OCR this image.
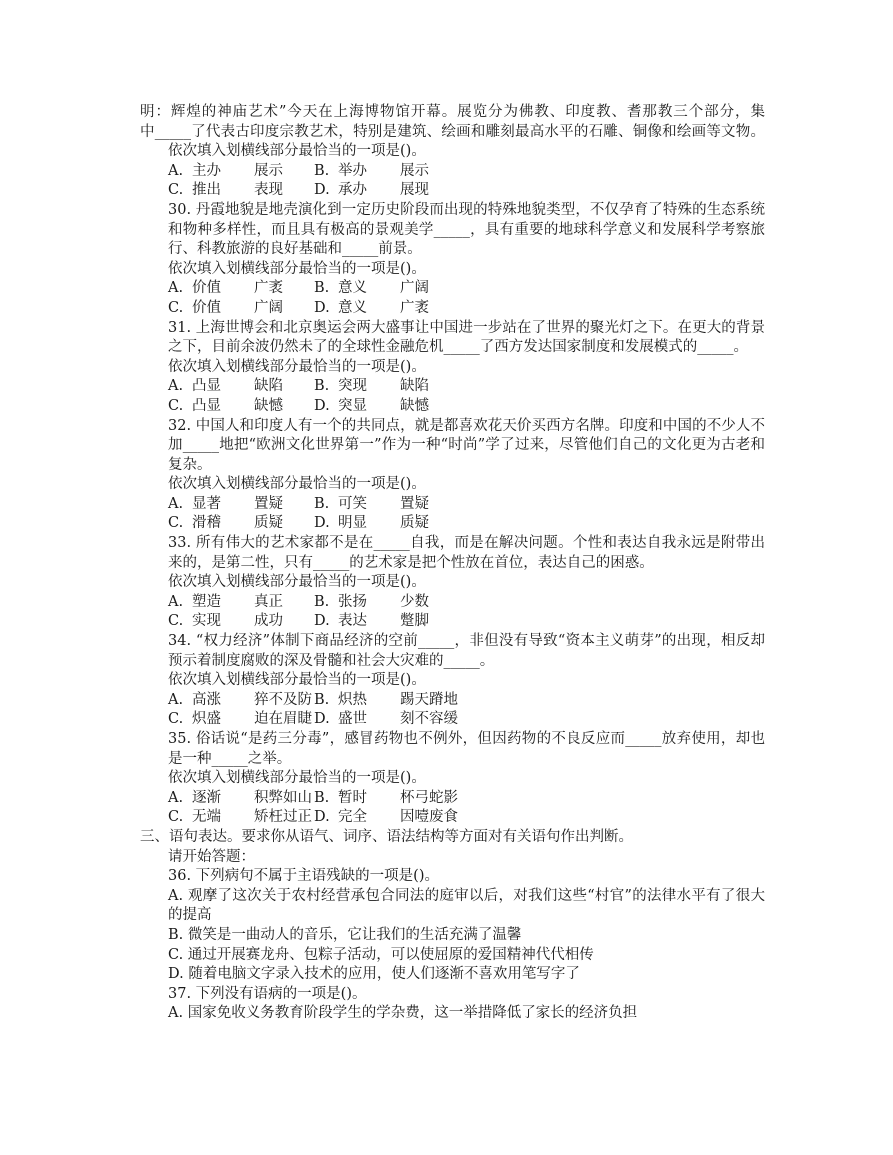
明：辉煌的神庙艺术”今天在上海博物馆开幕。展览分为佛教、印度教、耆那教三个部分，集
中_____了代表古印度宗教艺术，特别是建筑、绘画和雕刻最高水平的石雕、铜像和绘画等文物。
依次填入划横线部分最恰当的一项是()。
A. 主办 展示 B. 举办 展示
C. 推出 表现 D. 承办 展现
30. 丹霞地貌是地壳演化到一定历史阶段而出现的特殊地貌类型，不仅孕育了特殊的生态系统和物种多样性，而且具有极高的景观美学_____，具有重要的地球科学意义和发展科学考察旅行、科教旅游的良好基础和_____前景。
依次填入划横线部分最恰当的一项是()。
A. 价值 广袤 B. 意义 广阔
C. 价值 广阔 D. 意义 广袤
31. 上海世博会和北京奥运会两大盛事让中国进一步站在了世界的聚光灯之下。在更大的背景之下，目前余波仍然未了的全球性金融危机_____了西方发达国家制度和发展模式的_____。
依次填入划横线部分最恰当的一项是()。
A. 凸显 缺陷 B. 突现 缺陷
C. 凸显 缺憾 D. 突显 缺憾
32. 中国人和印度人有一个的共同点，就是都喜欢花天价买西方名牌。印度和中国的不少人不加_____地把“欧洲文化世界第一”作为一种“时尚”学了过来，尽管他们自己的文化更为古老和复杂。
依次填入划横线部分最恰当的一项是()。
A. 显著 置疑 B. 可笑 置疑
C. 滑稽 质疑 D. 明显 质疑
33. 所有伟大的艺术家都不是在_____自我，而是在解决问题。个性和表达自我永远是附带出来的，是第二性，只有_____的艺术家是把个性放在首位，表达自己的困惑。
依次填入划横线部分最恰当的一项是()。
A. 塑造 真正 B. 张扬 少数
C. 实现 成功 D. 表达 蹩脚
34. “权力经济”体制下商品经济的空前_____，非但没有导致“资本主义萌芽”的出现，相反却预示着制度腐败的深及骨髓和社会大灾难的_____。
依次填入划横线部分最恰当的一项是()。
A. 高涨 猝不及防 B. 炽热 踢天蹐地
C. 炽盛 迫在眉睫 D. 盛世 刻不容缓
35. 俗话说“是药三分毒”，感冒药物也不例外，但因药物的不良反应而_____放弃使用，却也是一种_____之举。
依次填入划横线部分最恰当的一项是()。
A. 逐渐 积弊如山 B. 暂时 杯弓蛇影
C. 无端 矫枉过正 D. 完全 因噎废食
三、语句表达。要求你从语气、词序、语法结构等方面对有关语句作出判断。
请开始答题：
36. 下列病句不属于主语残缺的一项是()。
A. 观摩了这次关于农村经营承包合同法的庭审以后，对我们这些“村官”的法律水平有了很大的提高
B. 微笑是一曲动人的音乐，它让我们的生活充满了温馨
C. 通过开展赛龙舟、包粽子活动，可以使屈原的爱国精神代代相传
D. 随着电脑文字录入技术的应用，使人们逐渐不喜欢用笔写字了
37. 下列没有语病的一项是()。
A. 国家免收义务教育阶段学生的学杂费，这一举措降低了家长的经济负担
